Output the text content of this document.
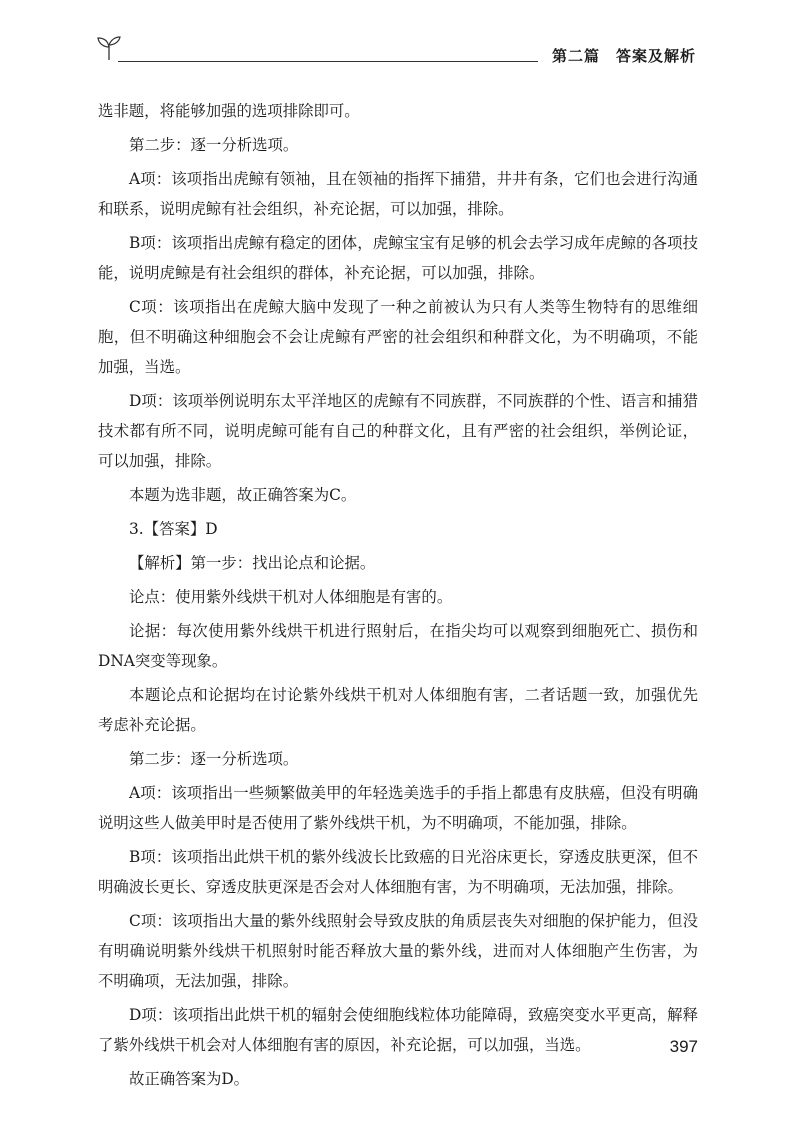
第二篇　答案及解析

选非题，将能够加强的选项排除即可。

第二步：逐一分析选项。

A项：该项指出虎鲸有领袖，且在领袖的指挥下捕猎，井井有条，它们也会进行沟通和联系，说明虎鲸有社会组织，补充论据，可以加强，排除。

B项：该项指出虎鲸有稳定的团体，虎鲸宝宝有足够的机会去学习成年虎鲸的各项技能，说明虎鲸是有社会组织的群体，补充论据，可以加强，排除。

C项：该项指出在虎鲸大脑中发现了一种之前被认为只有人类等生物特有的思维细胞，但不明确这种细胞会不会让虎鲸有严密的社会组织和种群文化，为不明确项，不能加强，当选。

D项：该项举例说明东太平洋地区的虎鲸有不同族群，不同族群的个性、语言和捕猎技术都有所不同，说明虎鲸可能有自己的种群文化，且有严密的社会组织，举例论证，可以加强，排除。

本题为选非题，故正确答案为C。

3.【答案】D

【解析】第一步：找出论点和论据。

论点：使用紫外线烘干机对人体细胞是有害的。

论据：每次使用紫外线烘干机进行照射后，在指尖均可以观察到细胞死亡、损伤和DNA突变等现象。

本题论点和论据均在讨论紫外线烘干机对人体细胞有害，二者话题一致，加强优先考虑补充论据。

第二步：逐一分析选项。

A项：该项指出一些频繁做美甲的年轻选美选手的手指上都患有皮肤癌，但没有明确说明这些人做美甲时是否使用了紫外线烘干机，为不明确项，不能加强，排除。

B项：该项指出此烘干机的紫外线波长比致癌的日光浴床更长，穿透皮肤更深，但不明确波长更长、穿透皮肤更深是否会对人体细胞有害，为不明确项，无法加强，排除。

C项：该项指出大量的紫外线照射会导致皮肤的角质层丧失对细胞的保护能力，但没有明确说明紫外线烘干机照射时能否释放大量的紫外线，进而对人体细胞产生伤害，为不明确项，无法加强，排除。

D项：该项指出此烘干机的辐射会使细胞线粒体功能障碍，致癌突变水平更高，解释了紫外线烘干机会对人体细胞有害的原因，补充论据，可以加强，当选。

故正确答案为D。

397
